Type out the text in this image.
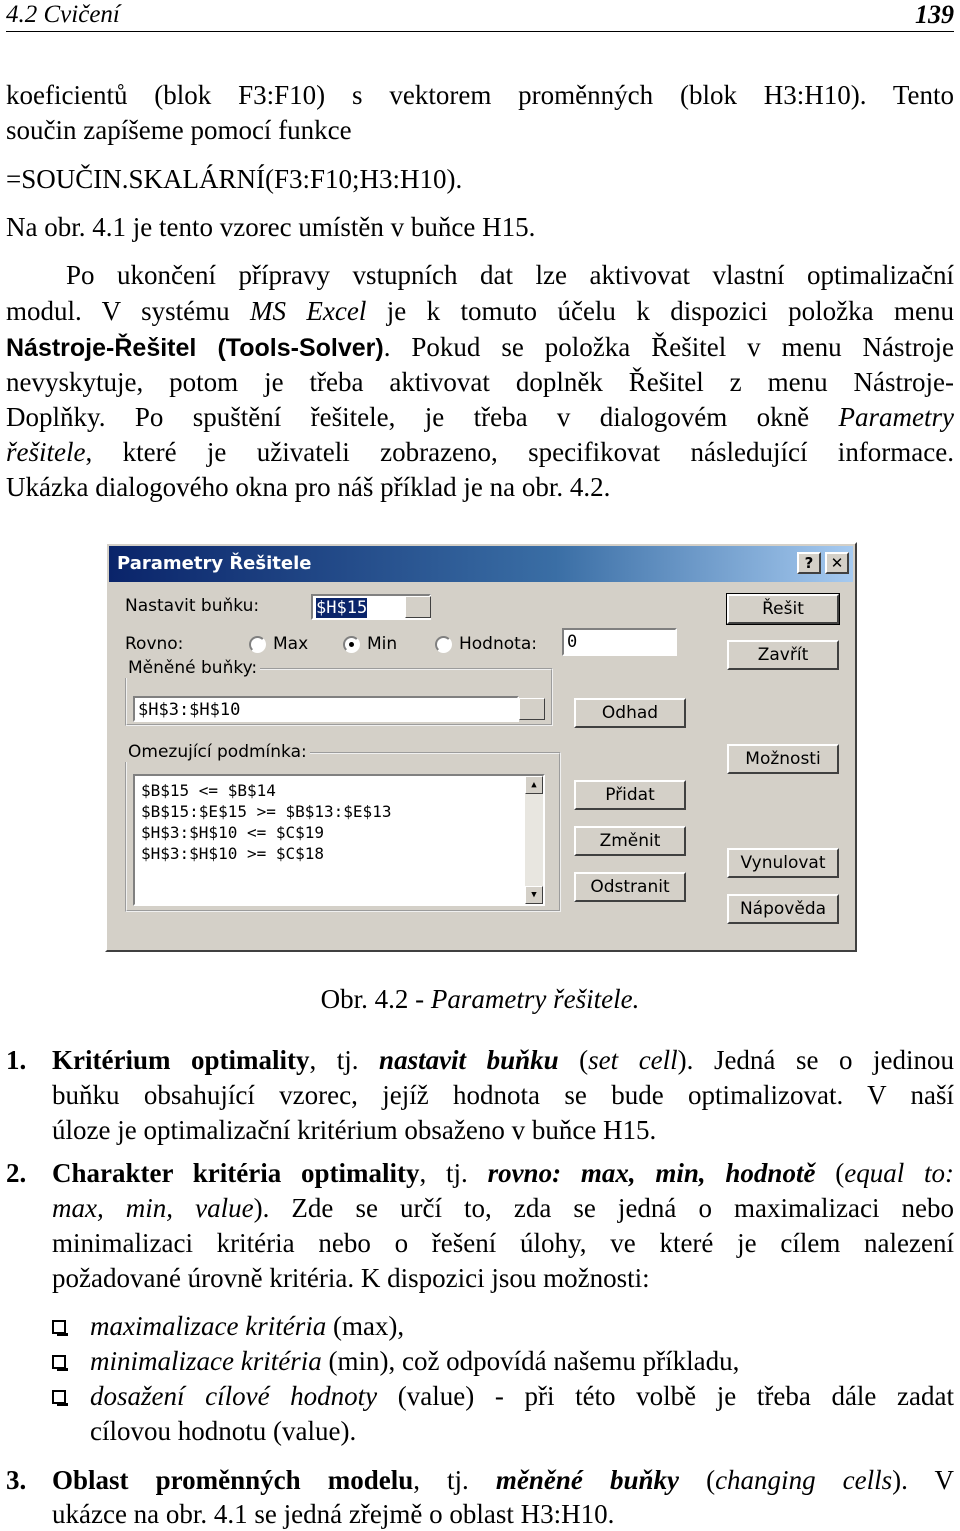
4.2 Cvičení	139
koeficientů (blok F3:F10) s vektorem proměnných (blok H3:H10). Tento
součin zapíšeme pomocí funkce
=SOUČIN.SKALÁRNÍ(F3:F10;H3:H10).
Na obr. 4.1 je tento vzorec umístěn v buňce H15.
Po ukončení přípravy vstupních dat lze aktivovat vlastní optimalizační
modul. V systému MS Excel je k tomuto účelu k dispozici položka menu
Nástroje-Řešitel (Tools-Solver). Pokud se položka Řešitel v menu Nástroje
nevyskytuje, potom je třeba aktivovat doplněk Řešitel z menu Nástroje-
Doplňky. Po spuštění řešitele, je třeba v dialogovém okně Parametry
řešitele, které je uživateli zobrazeno, specifikovat následující informace.
Ukázka dialogového okna pro náš příklad je na obr. 4.2.
Parametry Řešitele	?	✕
Nastavit buňku:	$H$15
Rovno:	Max	Min	Hodnota: 0
Měněné buňky:
$H$3:$H$10
Omezující podmínka:
$B$15 <= $B$14
$B$15:$E$15 >= $B$13:$E$13
$H$3:$H$10 <= $C$19
$H$3:$H$10 >= $C$18
▲
▼
Řešit
Zavřít
Odhad
Možnosti
Přidat
Změnit
Vynulovat
Odstranit
Nápověda
Obr. 4.2 - Parametry řešitele.
1. Kritérium optimality, tj. nastavit buňku (set cell). Jedná se o jedinou
buňku obsahující vzorec, jejíž hodnota se bude optimalizovat. V naší
úloze je optimalizační kritérium obsaženo v buňce H15.
2. Charakter kritéria optimality, tj. rovno: max, min, hodnotě (equal to:
max, min, value). Zde se určí to, zda se jedná o maximalizaci nebo
minimalizaci kritéria nebo o řešení úlohy, ve které je cílem nalezení
požadované úrovně kritéria. K dispozici jsou možnosti:
maximalizace kritéria (max),
minimalizace kritéria (min), což odpovídá našemu příkladu,
dosažení cílové hodnoty (value) - při této volbě je třeba dále zadat
cílovou hodnotu (value).
3. Oblast proměnných modelu, tj. měněné buňky (changing cells). V
ukázce na obr. 4.1 se jedná zřejmě o oblast H3:H10.
